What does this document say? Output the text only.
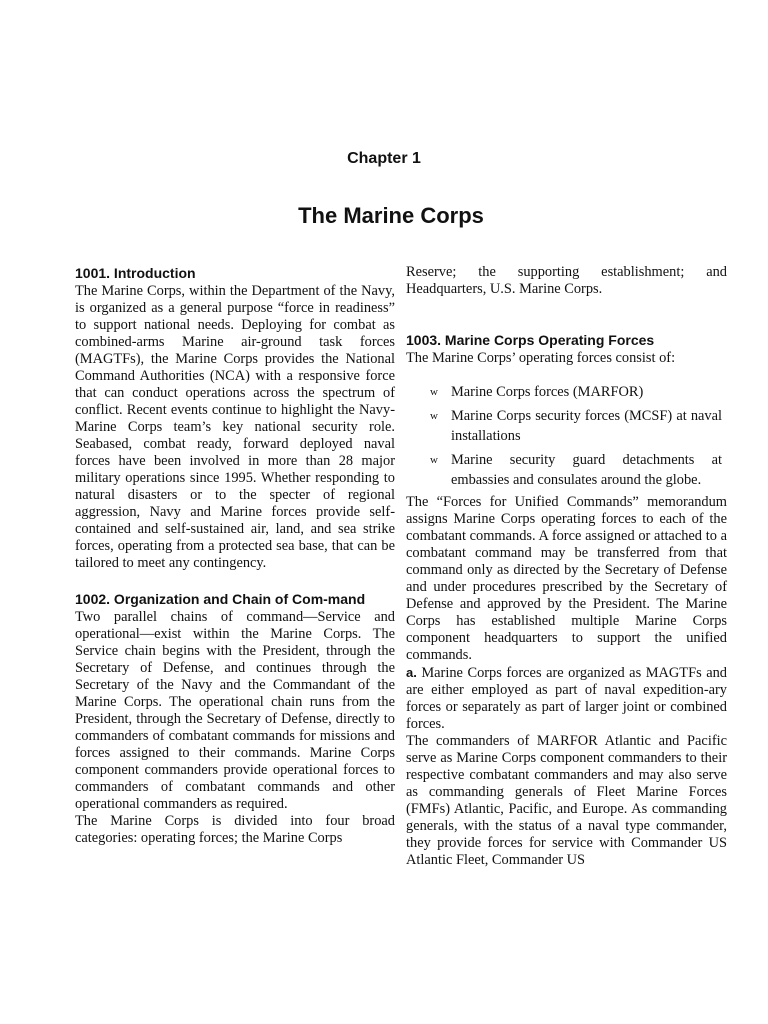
Chapter 1
The Marine Corps
1001. Introduction

The Marine Corps, within the Department of the Navy, is organized as a general purpose “force in readiness” to support national needs. Deploying for combat as combined-arms Marine air-ground task forces (MAGTFs), the Marine Corps provides the National Command Authorities (NCA) with a responsive force that can conduct operations across the spectrum of conflict. Recent events continue to highlight the Navy-Marine Corps team’s key national security role. Seabased, combat ready, forward deployed naval forces have been involved in more than 28 major military operations since 1995. Whether responding to natural disasters or to the specter of regional aggression, Navy and Marine forces provide self-contained and self-sustained air, land, and sea strike forces, operating from a protected sea base, that can be tailored to meet any contingency.

1002. Organization and Chain of Com-mand

Two parallel chains of command—Service and operational—exist within the Marine Corps. The Service chain begins with the President, through the Secretary of Defense, and continues through the Secretary of the Navy and the Commandant of the Marine Corps. The operational chain runs from the President, through the Secretary of Defense, directly to commanders of combatant commands for missions and forces assigned to their commands. Marine Corps component commanders provide operational forces to commanders of combatant commands and other operational commanders as required.

The Marine Corps is divided into four broad categories: operating forces; the Marine Corps

Reserve; the supporting establishment; and Headquarters, U.S. Marine Corps.

1003. Marine Corps Operating Forces

The Marine Corps’ operating forces consist of:

w Marine Corps forces (MARFOR)
w Marine Corps security forces (MCSF) at naval installations
w Marine security guard detachments at embassies and consulates around the globe.

The “Forces for Unified Commands” memorandum assigns Marine Corps operating forces to each of the combatant commands. A force assigned or attached to a combatant command may be transferred from that command only as directed by the Secretary of Defense and under procedures prescribed by the Secretary of Defense and approved by the President. The Marine Corps has established multiple Marine Corps component headquarters to support the unified commands.

a. Marine Corps forces are organized as MAGTFs and are either employed as part of naval expedition-ary forces or separately as part of larger joint or combined forces.

The commanders of MARFOR Atlantic and Pacific serve as Marine Corps component commanders to their respective combatant commanders and may also serve as commanding generals of Fleet Marine Forces (FMFs) Atlantic, Pacific, and Europe. As commanding generals, with the status of a naval type commander, they provide forces for service with Commander US Atlantic Fleet, Commander US
